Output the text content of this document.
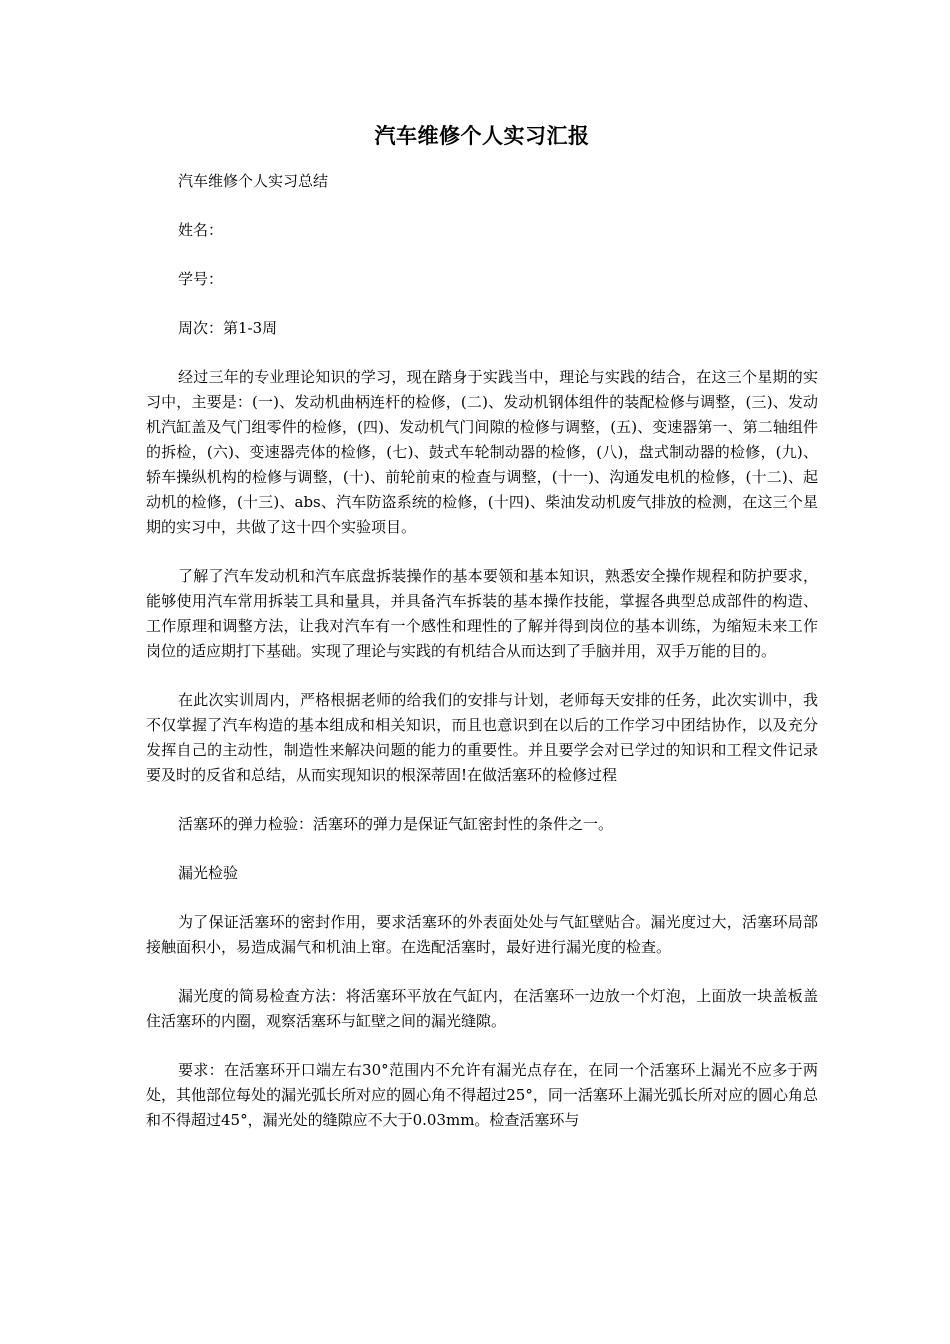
汽车维修个人实习汇报

汽车维修个人实习总结

姓名：

学号：

周次：第1-3周

经过三年的专业理论知识的学习，现在踏身于实践当中，理论与实践的结合，在这三个星期的实习中，主要是：(一)、发动机曲柄连杆的检修，(二)、发动机钢体组件的装配检修与调整，(三)、发动机汽缸盖及气门组零件的检修，(四)、发动机气门间隙的检修与调整，(五)、变速器第一、第二轴组件的拆检，(六)、变速器壳体的检修，(七)、鼓式车轮制动器的检修，(八)，盘式制动器的检修，(九)、轿车操纵机构的检修与调整，(十)、前轮前束的检查与调整，(十一)、沟通发电机的检修，(十二)、起动机的检修，(十三)、abs、汽车防盗系统的检修，(十四)、柴油发动机废气排放的检测，在这三个星期的实习中，共做了这十四个实验项目。

了解了汽车发动机和汽车底盘拆装操作的基本要领和基本知识，熟悉安全操作规程和防护要求，能够使用汽车常用拆装工具和量具，并具备汽车拆装的基本操作技能，掌握各典型总成部件的构造、工作原理和调整方法，让我对汽车有一个感性和理性的了解并得到岗位的基本训练，为缩短未来工作岗位的适应期打下基础。实现了理论与实践的有机结合从而达到了手脑并用，双手万能的目的。

在此次实训周内，严格根据老师的给我们的安排与计划，老师每天安排的任务，此次实训中，我不仅掌握了汽车构造的基本组成和相关知识，而且也意识到在以后的工作学习中团结协作，以及充分发挥自己的主动性，制造性来解决问题的能力的重要性。并且要学会对已学过的知识和工程文件记录要及时的反省和总结，从而实现知识的根深蒂固!在做活塞环的检修过程

活塞环的弹力检验：活塞环的弹力是保证气缸密封性的条件之一。

漏光检验

为了保证活塞环的密封作用，要求活塞环的外表面处处与气缸壁贴合。漏光度过大，活塞环局部接触面积小，易造成漏气和机油上窜。在选配活塞时，最好进行漏光度的检查。

漏光度的简易检查方法：将活塞环平放在气缸内，在活塞环一边放一个灯泡，上面放一块盖板盖住活塞环的内圈，观察活塞环与缸壁之间的漏光缝隙。

要求：在活塞环开口端左右30°范围内不允许有漏光点存在，在同一个活塞环上漏光不应多于两处，其他部位每处的漏光弧长所对应的圆心角不得超过25°，同一活塞环上漏光弧长所对应的圆心角总和不得超过45°，漏光处的缝隙应不大于0.03mm。检查活塞环与
